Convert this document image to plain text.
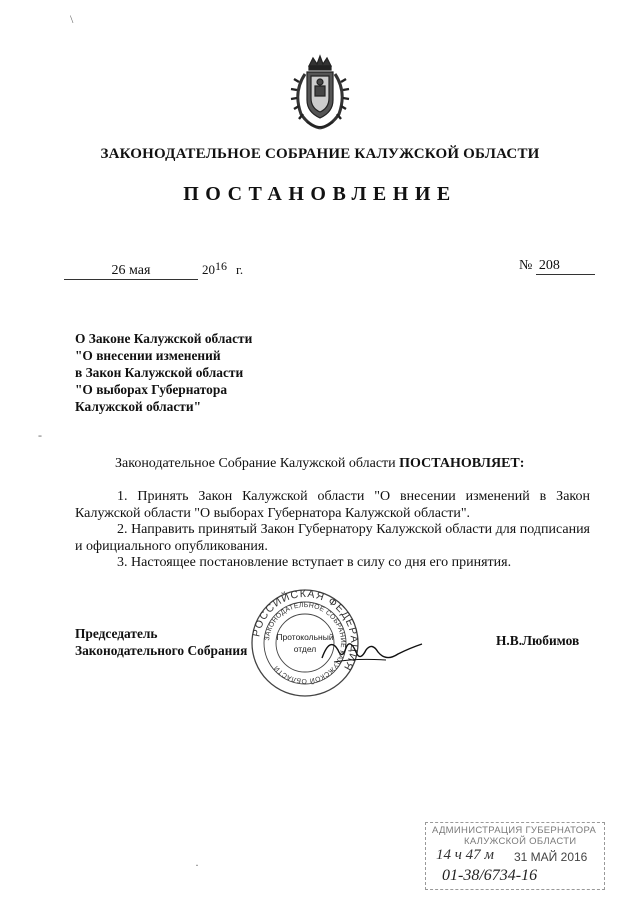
\
ЗАКОНОДАТЕЛЬНОЕ СОБРАНИЕ КАЛУЖСКОЙ ОБЛАСТИ
ПОСТАНОВЛЕНИЕ
26 мая	$20^{16}$ г.	№ 208
О Законе Калужской области
"О внесении изменений
в Закон Калужской области
"О выборах Губернатора
Калужской области"
-
Законодательное Собрание Калужской области ПОСТАНОВЛЯЕТ:

1. Принять Закон Калужской области "О внесении изменений в Закон Калужской области "О выборах Губернатора Калужской области".

2. Направить принятый Закон Губернатору Калужской области для подписания и официального опубликования.

3. Настоящее постановление вступает в силу со дня его принятия.

Председатель
Законодательного Собрания
РОССИЙСКАЯ ФЕДЕРАЦИЯ
ЗАКОНОДАТЕЛЬНОЕ СОБРАНИЕ КАЛУЖСКОЙ ОБЛАСТИ
Протокольный
отдел
Н.В.Любимов
·
АДМИНИСТРАЦИЯ ГУБЕРНАТОРА
КАЛУЖСКОЙ ОБЛАСТИ
14 ч 47 м 31 МАЙ 2016
01-38/6734-16
